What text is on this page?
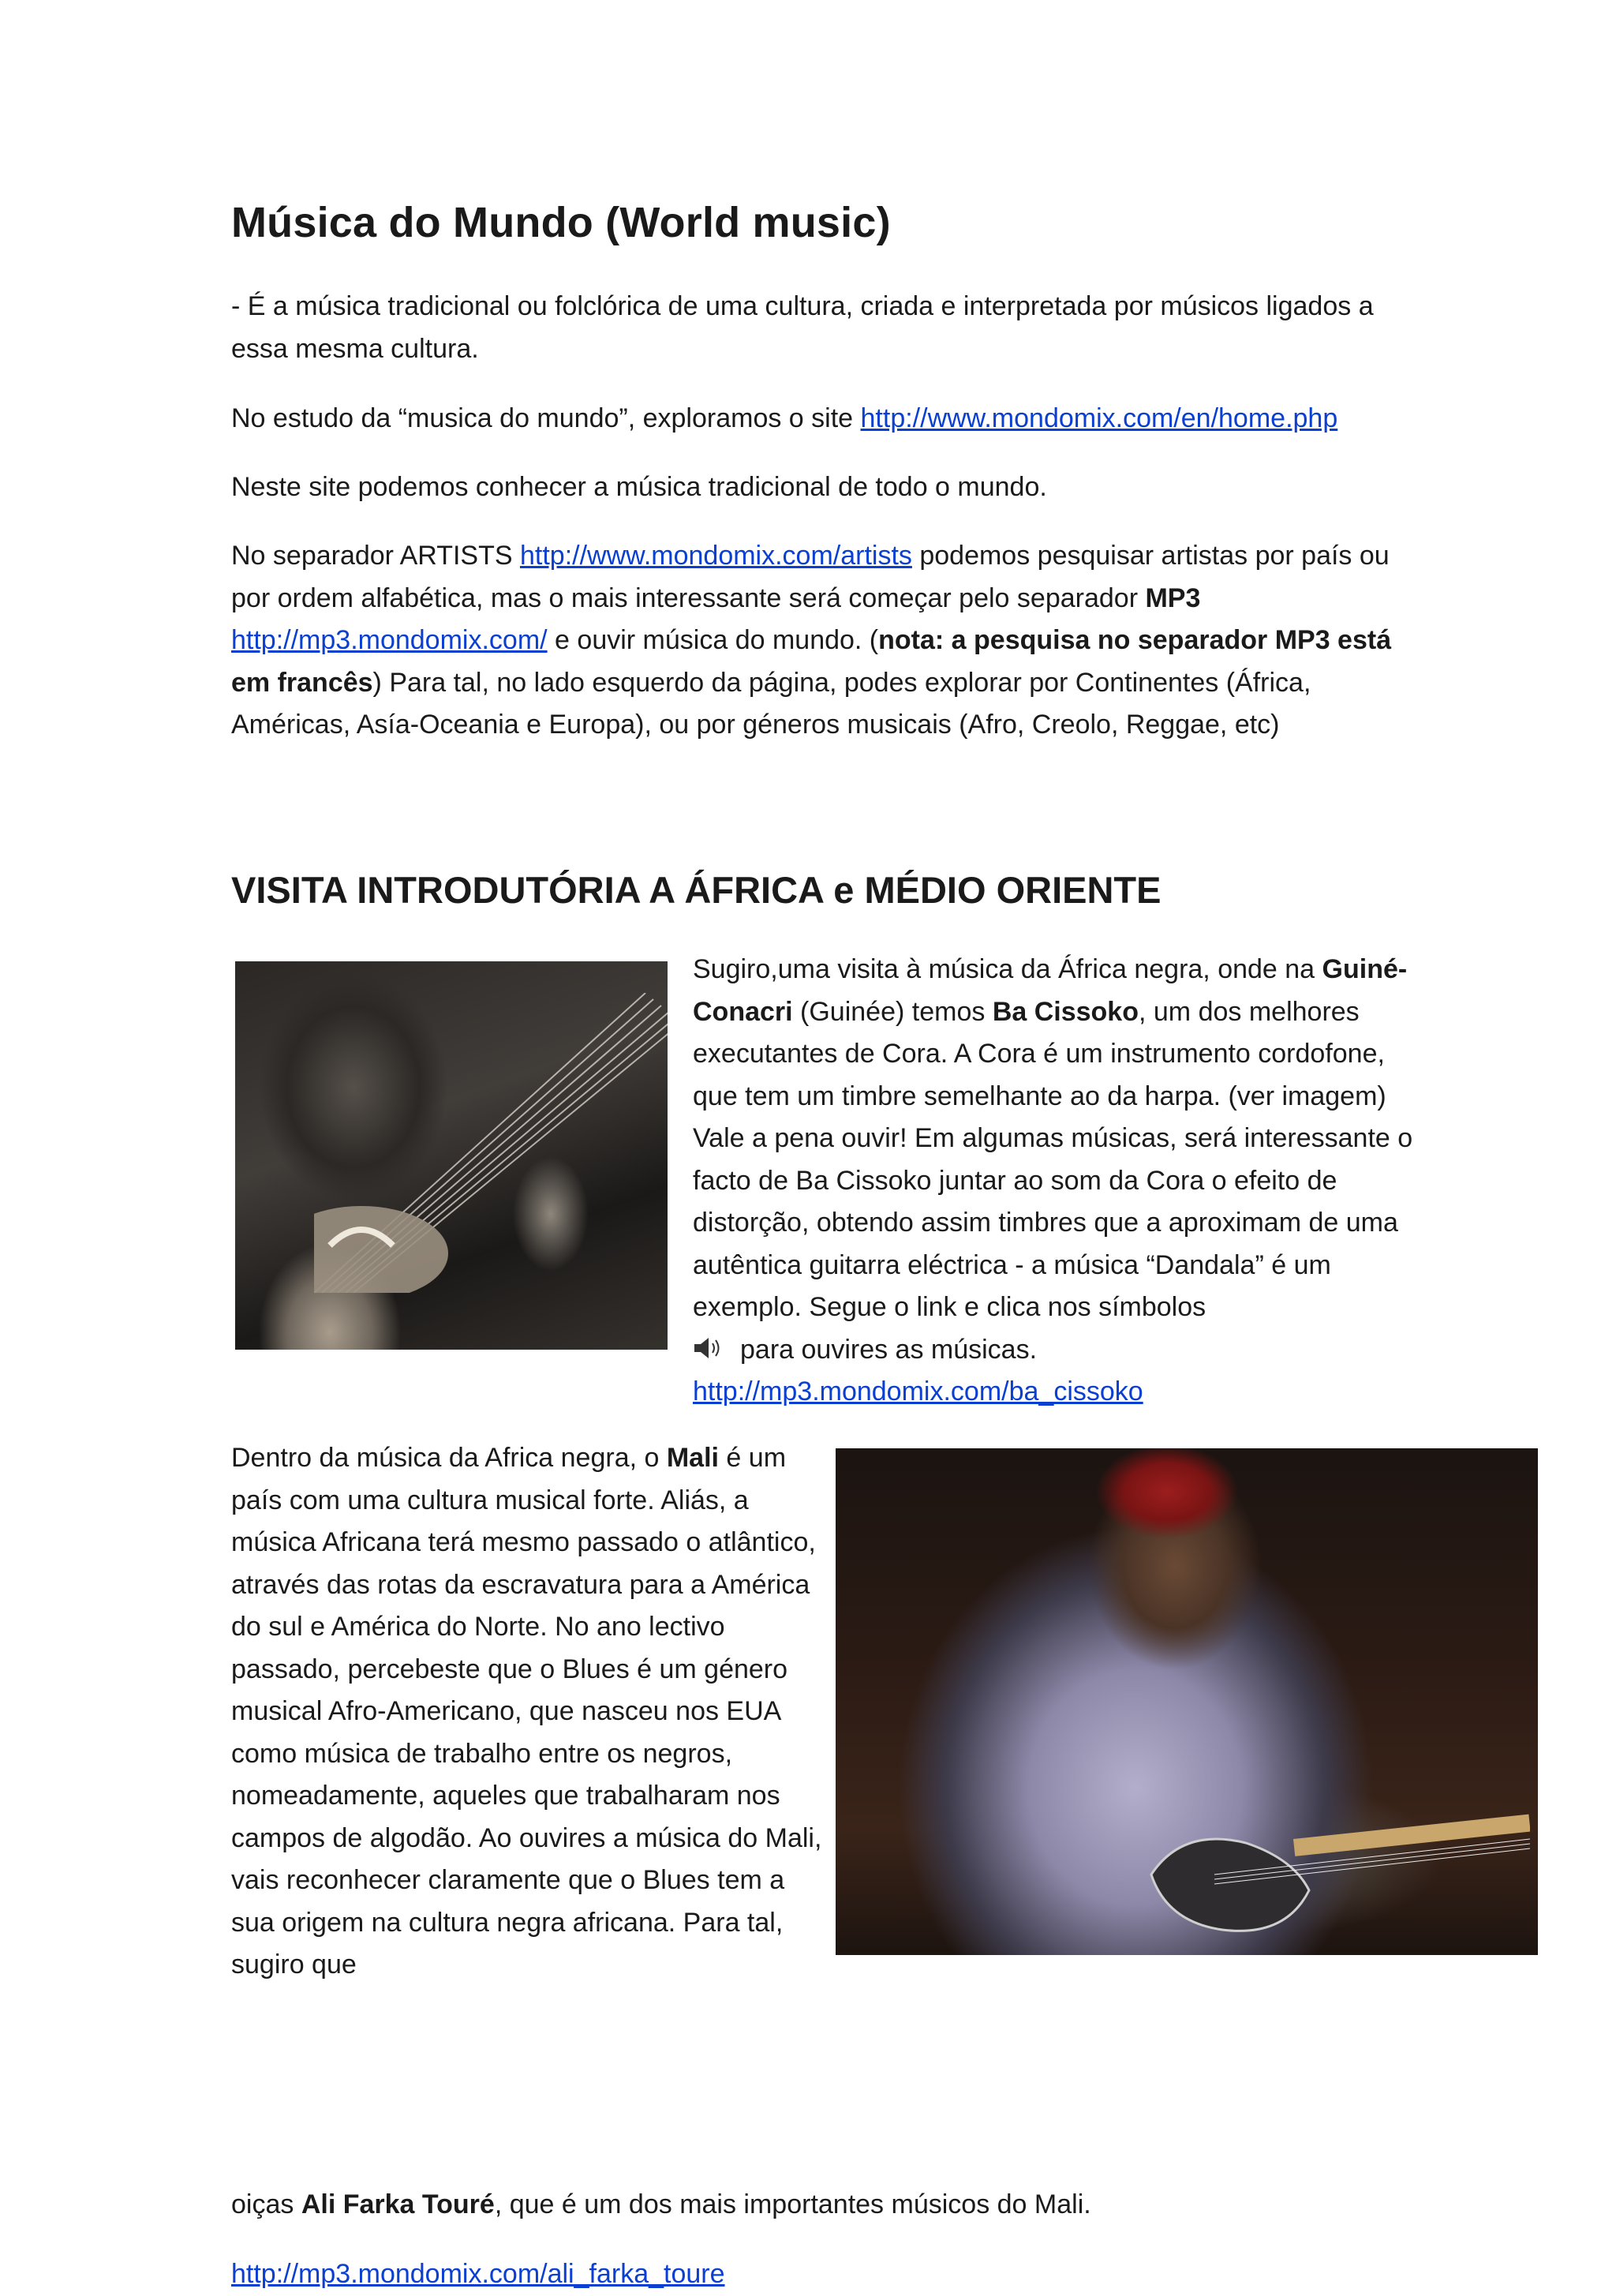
Música do Mundo (World music)

- É a música tradicional ou folclórica de uma cultura, criada e interpretada por músicos ligados a essa mesma cultura.

No estudo da “musica do mundo”, exploramos o site http://www.mondomix.com/en/home.php

Neste site podemos conhecer a música tradicional de todo o mundo.

No separador ARTISTS http://www.mondomix.com/artists podemos pesquisar artistas por país ou por ordem alfabética, mas o mais interessante será começar pelo separador MP3
http://mp3.mondomix.com/ e ouvir música do mundo. (nota: a pesquisa no separador MP3 está em francês) Para tal, no lado esquerdo da página, podes explorar por Continentes (África, Américas, Asía-Oceania e Europa), ou por géneros musicais (Afro, Creolo, Reggae, etc)

VISITA INTRODUTÓRIA A ÁFRICA e MÉDIO ORIENTE

Sugiro,uma visita à música da África negra, onde na Guiné-Conacri (Guinée) temos Ba Cissoko, um dos melhores executantes de Cora. A Cora é um instrumento cordofone, que tem um timbre semelhante ao da harpa. (ver imagem) Vale a pena ouvir! Em algumas músicas, será interessante o facto de Ba Cissoko juntar ao som da Cora o efeito de distorção, obtendo assim timbres que a aproximam de uma autêntica guitarra eléctrica - a música “Dandala” é um exemplo. Segue o link e clica nos símbolos
para ouvires as músicas.
http://mp3.mondomix.com/ba_cissoko

Dentro da música da Africa negra, o Mali é um país com uma cultura musical forte. Aliás, a música Africana terá mesmo passado o atlântico, através das rotas da escravatura para a América do sul e América do Norte. No ano lectivo passado, percebeste que o Blues é um género musical Afro-Americano, que nasceu nos EUA como música de trabalho entre os negros, nomeadamente, aqueles que trabalharam nos campos de algodão. Ao ouvires a música do Mali, vais reconhecer claramente que o Blues tem a sua origem na cultura negra africana. Para tal, sugiro que

oiças Ali Farka Touré, que é um dos mais importantes músicos do Mali.

http://mp3.mondomix.com/ali_farka_toure
